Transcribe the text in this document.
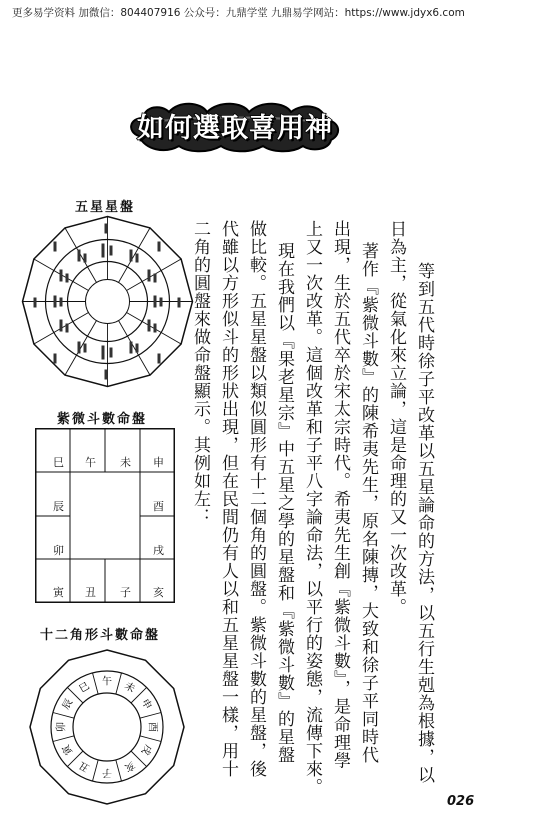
更多易学资料 加微信：804407916 公众号：九鼎学堂 九鼎易学网站：https://www.jdyx6.com
如何選取喜用神
五星星盤
紫微斗數命盤
巳 午 未 申
辰	酉
卯	戌
寅 丑 子 亥
十二角形斗數命盤
午 未
申
酉
戌
亥
子
丑
寅
卯
辰
巳	等到五代時徐子平改革以五星論命的方法，以五行生剋為根據，以
日為主，從氣化來立論，這是命理的又一次改革。
著作『紫微斗數』的陳希夷先生，原名陳摶，大致和徐子平同時代
出現，生於五代卒於宋太宗時代。希夷先生創『紫微斗數』，是命理學
上又一次改革。這個改革和子平八字論命法，以平行的姿態，流傳下來。
現在我們以『果老星宗』中五星之學的星盤和『紫微斗數』的星盤
做比較。五星星盤以類似圓形有十二個角的圓盤。紫微斗數的星盤，後
代雖以方形似斗的形狀出現，但在民間仍有人以和五星星盤一樣，用十
二角的圓盤來做命盤顯示。其例如左：
026
